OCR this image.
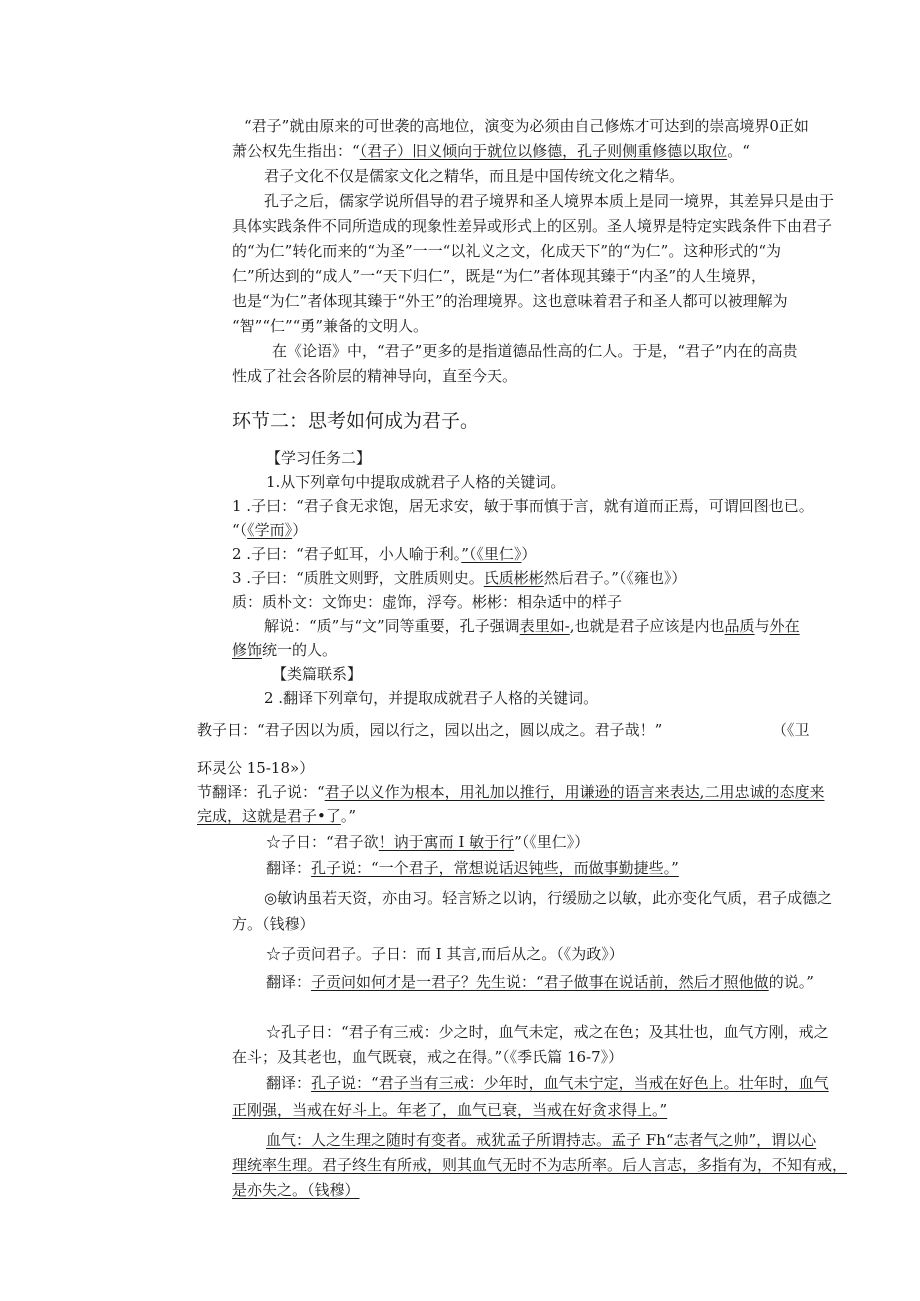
“君子”就由原来的可世袭的高地位，演变为必须由自己修炼才可达到的崇高境界0正如
萧公权先生指出：“（君子）旧义倾向于就位以修德，孔子则侧重修德以取位。“
君子文化不仅是儒家文化之精华，而且是中国传统文化之精华。
孔子之后，儒家学说所倡导的君子境界和圣人境界本质上是同一境界，其差异只是由于
具体实践条件不同所造成的现象性差异或形式上的区别。圣人境界是特定实践条件下由君子
的“为仁”转化而来的“为圣”一一“以礼义之文，化成天下”的“为仁”。这种形式的“为
仁”所达到的“成人”一“天下归仁”，既是“为仁”者体现其臻于“内圣”的人生境界，
也是“为仁”者体现其臻于“外王”的治理境界。这也意味着君子和圣人都可以被理解为
“智”“仁”“勇”兼备的文明人。
在《论语》中，“君子”更多的是指道德品性高的仁人。于是，“君子”内在的高贵
性成了社会各阶层的精神导向，直至今天。
环节二：思考如何成为君子。
【学习任务二】
1.从下列章句中提取成就君子人格的关键词。
1 .子曰：“君子食无求饱，居无求安，敏于事而慎于言，就有道而正焉，可谓回图也已。
“（《学而》）
2 .子曰：“君子虹耳，小人喻于利。”（《里仁》）
3 .子曰：“质胜文则野，文胜质则史。氏质彬彬然后君子。”（《雍也》）
质：质朴文：文饰史：虚饰，浮夸。彬彬：相杂适中的样子
解说：“质”与“文”同等重要，孔子强调表里如-,也就是君子应该是内也品质与外在
修饰统一的人。
【类篇联系】
2 .翻译下列章句，并提取成就君子人格的关键词。
教子日：“君子因以为质，园以行之，园以出之，圆以成之。君子哉！”	（《卫
环灵公 15-18»）
节翻译：孔子说：“君子以义作为根本，用礼加以推行，用谦逊的语言来表达,二用忠诚的态度来
完成，这就是君子•了。”
☆子日：“君子欲！讷于寓而 I 敏于行”（《里仁》）
翻译：孔子说：“一个君子，常想说话迟钝些，而做事勤捷些。”
◎敏讷虽若天资，亦由习。轻言矫之以讷，行缓励之以敏，此亦变化气质，君子成德之
方。（钱穆）
☆子贡问君子。子日：而 I 其言,而后从之。（《为政》）
翻译：子贡问如何才是一君子？先生说：“君子做事在说话前，然后才照他做的说。”
☆孔子日：“君子有三戒：少之时，血气未定，戒之在色；及其壮也，血气方刚，戒之
在斗；及其老也，血气既衰，戒之在得。”（《季氏篇 16-7》）
翻译：孔子说：“君子当有三戒：少年时，血气未宁定，当戒在好色上。壮年时，血气
正刚强，当戒在好斗上。年老了，血气已衰，当戒在好贪求得上。”
血气：人之生理之随时有变者。戒犹孟子所谓持志。孟子 Fh“志者气之帅”，谓以心
理统率生理。君子终生有所戒，则其血气无时不为志所率。后人言志，多指有为，不知有戒，
是亦失之。（钱穆）
